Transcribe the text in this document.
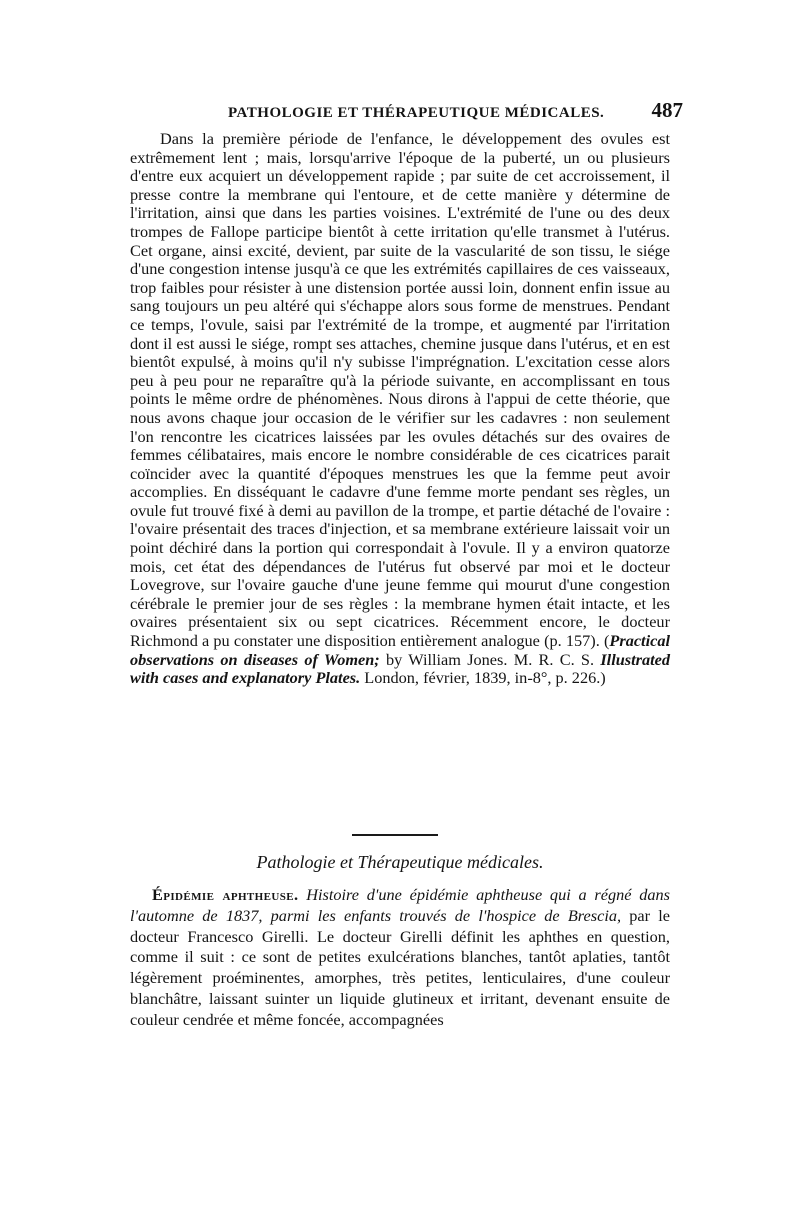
PATHOLOGIE ET THÉRAPEUTIQUE MÉDICALES. 487

Dans la première période de l'enfance, le développement des ovules est extrêmement lent ; mais, lorsqu'arrive l'époque de la puberté, un ou plusieurs d'entre eux acquiert un développement rapide ; par suite de cet accroissement, il presse contre la membrane qui l'entoure, et de cette manière y détermine de l'irritation, ainsi que dans les parties voisines. L'extrémité de l'une ou des deux trompes de Fallope participe bientôt à cette irritation qu'elle transmet à l'utérus. Cet organe, ainsi excité, devient, par suite de la vascularité de son tissu, le siége d'une congestion intense jusqu'à ce que les extrémités capillaires de ces vaisseaux, trop faibles pour résister à une distension portée aussi loin, donnent enfin issue au sang toujours un peu altéré qui s'échappe alors sous forme de menstrues. Pendant ce temps, l'ovule, saisi par l'extrémité de la trompe, et augmenté par l'irritation dont il est aussi le siége, rompt ses attaches, chemine jusque dans l'utérus, et en est bientôt expulsé, à moins qu'il n'y subisse l'imprégnation. L'excitation cesse alors peu à peu pour ne reparaître qu'à la période suivante, en accomplissant en tous points le même ordre de phénomènes. Nous dirons à l'appui de cette théorie, que nous avons chaque jour occasion de le vérifier sur les cadavres : non seulement l'on rencontre les cicatrices laissées par les ovules détachés sur des ovaires de femmes célibataires, mais encore le nombre considérable de ces cicatrices parait coïncider avec la quantité d'époques menstrues les que la femme peut avoir accomplies. En disséquant le cadavre d'une femme morte pendant ses règles, un ovule fut trouvé fixé à demi au pavillon de la trompe, et partie détaché de l'ovaire : l'ovaire présentait des traces d'injection, et sa membrane extérieure laissait voir un point déchiré dans la portion qui correspondait à l'ovule. Il y a environ quatorze mois, cet état des dépendances de l'utérus fut observé par moi et le docteur Lovegrove, sur l'ovaire gauche d'une jeune femme qui mourut d'une congestion cérébrale le premier jour de ses règles : la membrane hymen était intacte, et les ovaires présentaient six ou sept cicatrices. Récemment encore, le docteur Richmond a pu constater une disposition entièrement analogue (p. 157). (Practical observations on diseases of Women; by William Jones. M. R. C. S. Illustrated with cases and explanatory Plates. London, février, 1839, in-8°, p. 226.)

Pathologie et Thérapeutique médicales.

Épidémie aphtheuse. Histoire d'une épidémie aphtheuse qui a régné dans l'automne de 1837, parmi les enfants trouvés de l'hospice de Brescia, par le docteur Francesco Girelli. Le docteur Girelli définit les aphthes en question, comme il suit : ce sont de petites exulcérations blanches, tantôt aplaties, tantôt légèrement proéminentes, amorphes, très petites, lenticulaires, d'une couleur blanchâtre, laissant suinter un liquide glutineux et irritant, devenant ensuite de couleur cendrée et même foncée, accompagnées
